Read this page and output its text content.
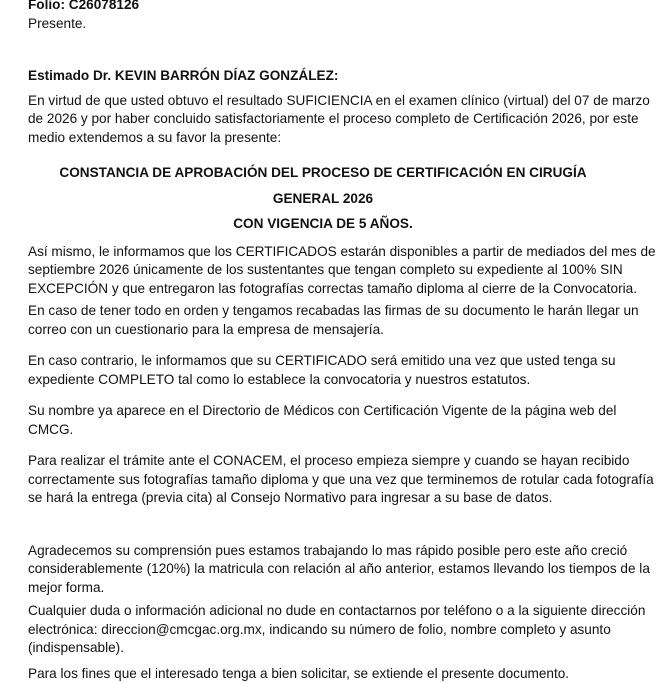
Folio: C26078126
Presente.
Estimado Dr. KEVIN BARRÓN DÍAZ GONZÁLEZ:

En virtud de que usted obtuvo el resultado SUFICIENCIA en el examen clínico (virtual) del 07 de marzo
de 2026 y por haber concluido satisfactoriamente el proceso completo de Certificación 2026, por este
medio extendemos a su favor la presente:

CONSTANCIA DE APROBACIÓN DEL PROCESO DE CERTIFICACIÓN EN CIRUGÍA
GENERAL 2026
CON VIGENCIA DE 5 AÑOS.

Así mismo, le informamos que los CERTIFICADOS estarán disponibles a partir de mediados del mes de
septiembre 2026 únicamente de los sustentantes que tengan completo su expediente al 100% SIN
EXCEPCIÓN y que entregaron las fotografías correctas tamaño diploma al cierre de la Convocatoria.

En caso de tener todo en orden y tengamos recabadas las firmas de su documento le harán llegar un
correo con un cuestionario para la empresa de mensajería.

En caso contrario, le informamos que su CERTIFICADO será emitido una vez que usted tenga su
expediente COMPLETO tal como lo establece la convocatoria y nuestros estatutos.

Su nombre ya aparece en el Directorio de Médicos con Certificación Vigente de la página web del
CMCG.

Para realizar el trámite ante el CONACEM, el proceso empieza siempre y cuando se hayan recibido
correctamente sus fotografías tamaño diploma y que una vez que terminemos de rotular cada fotografía
se hará la entrega (previa cita) al Consejo Normativo para ingresar a su base de datos.

Agradecemos su comprensión pues estamos trabajando lo mas rápido posible pero este año creció
considerablemente (120%) la matricula con relación al año anterior, estamos llevando los tiempos de la
mejor forma.

Cualquier duda o información adicional no dude en contactarnos por teléfono o a la siguiente dirección
electrónica: direccion@cmcgac.org.mx, indicando su número de folio, nombre completo y asunto
(indispensable).

Para los fines que el interesado tenga a bien solicitar, se extiende el presente documento.
